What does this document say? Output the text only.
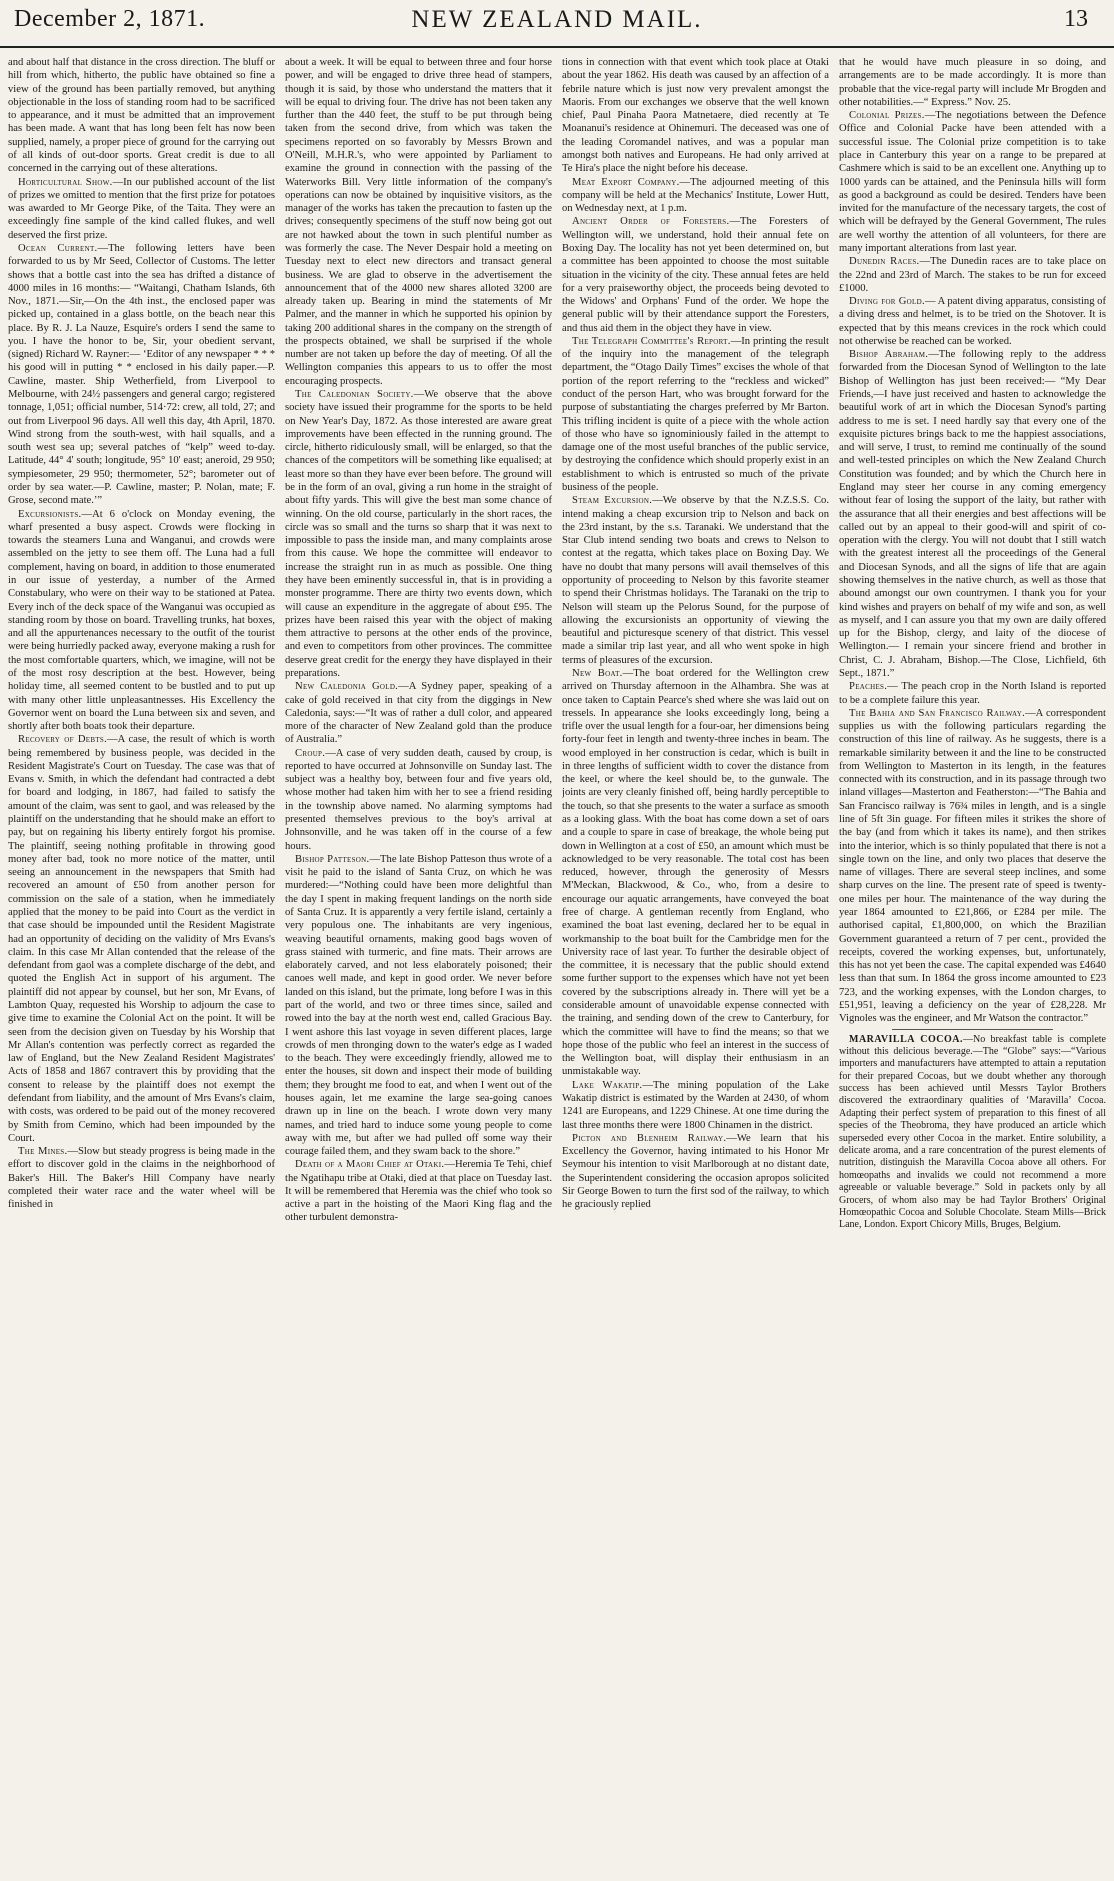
December 2, 1871.	NEW ZEALAND MAIL.	13

and about half that distance in the cross direction. The bluff or hill from which, hitherto, the public have obtained so fine a view of the ground has been partially removed, but anything objectionable in the loss of standing room had to be sacrificed to appearance, and it must be admitted that an improvement has been made. A want that has long been felt has now been supplied, namely, a proper piece of ground for the carrying out of all kinds of out-door sports. Great credit is due to all concerned in the carrying out of these alterations.

Horticultural Show.—In our published account of the list of prizes we omitted to mention that the first prize for potatoes was awarded to Mr George Pike, of the Taita. They were an exceedingly fine sample of the kind called flukes, and well deserved the first prize.

Ocean Current.—The following letters have been forwarded to us by Mr Seed, Collector of Customs. The letter shows that a bottle cast into the sea has drifted a distance of 4000 miles in 16 months:— “Waitangi, Chatham Islands, 6th Nov., 1871.—Sir,—On the 4th inst., the enclosed paper was picked up, contained in a glass bottle, on the beach near this place. By R. J. La Nauze, Esquire's orders I send the same to you. I have the honor to be, Sir, your obedient servant, (signed) Richard W. Rayner:— ‘Editor of any newspaper * * * his good will in putting * * enclosed in his daily paper.—P. Cawline, master. Ship Wetherfield, from Liverpool to Melbourne, with 24½ passengers and general cargo; registered tonnage, 1,051; official number, 514·72: crew, all told, 27; and out from Liverpool 96 days. All well this day, 4th April, 1870. Wind strong from the south-west, with hail squalls, and a south west sea up; several patches of “kelp” weed to-day. Latitude, 44° 4' south; longitude, 95° 10' east; aneroid, 29 950; sympiesometer, 29 950; thermometer, 52°; barometer out of order by sea water.—P. Cawline, master; P. Nolan, mate; F. Grose, second mate.’”

Excursionists.—At 6 o'clock on Monday evening, the wharf presented a busy aspect. Crowds were flocking in towards the steamers Luna and Wanganui, and crowds were assembled on the jetty to see them off. The Luna had a full complement, having on board, in addition to those enumerated in our issue of yesterday, a number of the Armed Constabulary, who were on their way to be stationed at Patea. Every inch of the deck space of the Wanganui was occupied as standing room by those on board. Travelling trunks, hat boxes, and all the appurtenances necessary to the outfit of the tourist were being hurriedly packed away, everyone making a rush for the most comfortable quarters, which, we imagine, will not be of the most rosy description at the best. However, being holiday time, all seemed content to be bustled and to put up with many other little unpleasantnesses. His Excellency the Governor went on board the Luna between six and seven, and shortly after both boats took their departure.

Recovery of Debts.—A case, the result of which is worth being remembered by business people, was decided in the Resident Magistrate's Court on Tuesday. The case was that of Evans v. Smith, in which the defendant had contracted a debt for board and lodging, in 1867, had failed to satisfy the amount of the claim, was sent to gaol, and was released by the plaintiff on the understanding that he should make an effort to pay, but on regaining his liberty entirely forgot his promise. The plaintiff, seeing nothing profitable in throwing good money after bad, took no more notice of the matter, until seeing an announcement in the newspapers that Smith had recovered an amount of £50 from another person for commission on the sale of a station, when he immediately applied that the money to be paid into Court as the verdict in that case should be impounded until the Resident Magistrate had an opportunity of deciding on the validity of Mrs Evans's claim. In this case Mr Allan contended that the release of the defendant from gaol was a complete discharge of the debt, and quoted the English Act in support of his argument. The plaintiff did not appear by counsel, but her son, Mr Evans, of Lambton Quay, requested his Worship to adjourn the case to give time to examine the Colonial Act on the point. It will be seen from the decision given on Tuesday by his Worship that Mr Allan's contention was perfectly correct as regarded the law of England, but the New Zealand Resident Magistrates' Acts of 1858 and 1867 contravert this by providing that the consent to release by the plaintiff does not exempt the defendant from liability, and the amount of Mrs Evans's claim, with costs, was ordered to be paid out of the money recovered by Smith from Cemino, which had been impounded by the Court.

The Mines.—Slow but steady progress is being made in the effort to discover gold in the claims in the neighborhood of Baker's Hill. The Baker's Hill Company have nearly completed their water race and the water wheel will be finished in

about a week. It will be equal to between three and four horse power, and will be engaged to drive three head of stampers, though it is said, by those who understand the matters that it will be equal to driving four. The drive has not been taken any further than the 440 feet, the stuff to be put through being taken from the second drive, from which was taken the specimens reported on so favorably by Messrs Brown and O'Neill, M.H.R.'s, who were appointed by Parliament to examine the ground in connection with the passing of the Waterworks Bill. Very little information of the company's operations can now be obtained by inquisitive visitors, as the manager of the works has taken the precaution to fasten up the drives; consequently specimens of the stuff now being got out are not hawked about the town in such plentiful number as was formerly the case. The Never Despair hold a meeting on Tuesday next to elect new directors and transact general business. We are glad to observe in the advertisement the announcement that of the 4000 new shares alloted 3200 are already taken up. Bearing in mind the statements of Mr Palmer, and the manner in which he supported his opinion by taking 200 additional shares in the company on the strength of the prospects obtained, we shall be surprised if the whole number are not taken up before the day of meeting. Of all the Wellington companies this appears to us to offer the most encouraging prospects.

The Caledonian Society.—We observe that the above society have issued their programme for the sports to be held on New Year's Day, 1872. As those interested are aware great improvements have been effected in the running ground. The circle, hitherto ridiculously small, will be enlarged, so that the chances of the competitors will be something like equalised; at least more so than they have ever been before. The ground will be in the form of an oval, giving a run home in the straight of about fifty yards. This will give the best man some chance of winning. On the old course, particularly in the short races, the circle was so small and the turns so sharp that it was next to impossible to pass the inside man, and many complaints arose from this cause. We hope the committee will endeavor to increase the straight run in as much as possible. One thing they have been eminently successful in, that is in providing a monster programme. There are thirty two events down, which will cause an expenditure in the aggregate of about £95. The prizes have been raised this year with the object of making them attractive to persons at the other ends of the province, and even to competitors from other provinces. The committee deserve great credit for the energy they have displayed in their preparations.

New Caledonia Gold.—A Sydney paper, speaking of a cake of gold received in that city from the diggings in New Caledonia, says:—“It was of rather a dull color, and appeared more of the character of New Zealand gold than the produce of Australia.”

Croup.—A case of very sudden death, caused by croup, is reported to have occurred at Johnsonville on Sunday last. The subject was a healthy boy, between four and five years old, whose mother had taken him with her to see a friend residing in the township above named. No alarming symptoms had presented themselves previous to the boy's arrival at Johnsonville, and he was taken off in the course of a few hours.

Bishop Patteson.—The late Bishop Patteson thus wrote of a visit he paid to the island of Santa Cruz, on which he was murdered:—“Nothing could have been more delightful than the day I spent in making frequent landings on the north side of Santa Cruz. It is apparently a very fertile island, certainly a very populous one. The inhabitants are very ingenious, weaving beautiful ornaments, making good bags woven of grass stained with turmeric, and fine mats. Their arrows are elaborately carved, and not less elaborately poisoned; their canoes well made, and kept in good order. We never before landed on this island, but the primate, long before I was in this part of the world, and two or three times since, sailed and rowed into the bay at the north west end, called Gracious Bay. I went ashore this last voyage in seven different places, large crowds of men thronging down to the water's edge as I waded to the beach. They were exceedingly friendly, allowed me to enter the houses, sit down and inspect their mode of building them; they brought me food to eat, and when I went out of the houses again, let me examine the large sea-going canoes drawn up in line on the beach. I wrote down very many names, and tried hard to induce some young people to come away with me, but after we had pulled off some way their courage failed them, and they swam back to the shore.”

Death of a Maori Chief at Otaki.—Heremia Te Tehi, chief the Ngatihapu tribe at Otaki, died at that place on Tuesday last. It will be remembered that Heremia was the chief who took so active a part in the hoisting of the Maori King flag and the other turbulent demonstra-

tions in connection with that event which took place at Otaki about the year 1862. His death was caused by an affection of a febrile nature which is just now very prevalent amongst the Maoris. From our exchanges we observe that the well known chief, Paul Pinaha Paora Matnetaere, died recently at Te Moananui's residence at Ohinemuri. The deceased was one of the leading Coromandel natives, and was a popular man amongst both natives and Europeans. He had only arrived at Te Hira's place the night before his decease.

Meat Export Company.—The adjourned meeting of this company will be held at the Mechanics' Institute, Lower Hutt, on Wednesday next, at 1 p.m.

Ancient Order of Foresters.—The Foresters of Wellington will, we understand, hold their annual fete on Boxing Day. The locality has not yet been determined on, but a committee has been appointed to choose the most suitable situation in the vicinity of the city. These annual fetes are held for a very praiseworthy object, the proceeds being devoted to the Widows' and Orphans' Fund of the order. We hope the general public will by their attendance support the Foresters, and thus aid them in the object they have in view.

The Telegraph Committee's Report.—In printing the result of the inquiry into the management of the telegraph department, the “Otago Daily Times” excises the whole of that portion of the report referring to the “reckless and wicked” conduct of the person Hart, who was brought forward for the purpose of substantiating the charges preferred by Mr Barton. This trifling incident is quite of a piece with the whole action of those who have so ignominiously failed in the attempt to damage one of the most useful branches of the public service, by destroying the confidence which should properly exist in an establishment to which is entrusted so much of the private business of the people.

Steam Excursion.—We observe by that the N.Z.S.S. Co. intend making a cheap excursion trip to Nelson and back on the 23rd instant, by the s.s. Taranaki. We understand that the Star Club intend sending two boats and crews to Nelson to contest at the regatta, which takes place on Boxing Day. We have no doubt that many persons will avail themselves of this opportunity of proceeding to Nelson by this favorite steamer to spend their Christmas holidays. The Taranaki on the trip to Nelson will steam up the Pelorus Sound, for the purpose of allowing the excursionists an opportunity of viewing the beautiful and picturesque scenery of that district. This vessel made a similar trip last year, and all who went spoke in high terms of pleasures of the excursion.

New Boat.—The boat ordered for the Wellington crew arrived on Thursday afternoon in the Alhambra. She was at once taken to Captain Pearce's shed where she was laid out on tressels. In appearance she looks exceedingly long, being a trifle over the usual length for a four-oar, her dimensions being forty-four feet in length and twenty-three inches in beam. The wood employed in her construction is cedar, which is built in in three lengths of sufficient width to cover the distance from the keel, or where the keel should be, to the gunwale. The joints are very cleanly finished off, being hardly perceptible to the touch, so that she presents to the water a surface as smooth as a looking glass. With the boat has come down a set of oars and a couple to spare in case of breakage, the whole being put down in Wellington at a cost of £50, an amount which must be acknowledged to be very reasonable. The total cost has been reduced, however, through the generosity of Messrs M'Meckan, Blackwood, & Co., who, from a desire to encourage our aquatic arrangements, have conveyed the boat free of charge. A gentleman recently from England, who examined the boat last evening, declared her to be equal in workmanship to the boat built for the Cambridge men for the University race of last year. To further the desirable object of the committee, it is necessary that the public should extend some further support to the expenses which have not yet been covered by the subscriptions already in. There will yet be a considerable amount of unavoidable expense connected with the training, and sending down of the crew to Canterbury, for which the committee will have to find the means; so that we hope those of the public who feel an interest in the success of the Wellington boat, will display their enthusiasm in an unmistakable way.

Lake Wakatip.—The mining population of the Lake Wakatip district is estimated by the Warden at 2430, of whom 1241 are Europeans, and 1229 Chinese. At one time during the last three months there were 1800 Chinamen in the district.

Picton and Blenheim Railway.—We learn that his Excellency the Governor, having intimated to his Honor Mr Seymour his intention to visit Marlborough at no distant date, the Superintendent considering the occasion apropos solicited Sir George Bowen to turn the first sod of the railway, to which he graciously replied

that he would have much pleasure in so doing, and arrangements are to be made accordingly. It is more than probable that the vice-regal party will include Mr Brogden and other notabilities.—“ Express.” Nov. 25.

Colonial Prizes.—The negotiations between the Defence Office and Colonial Packe have been attended with a successful issue. The Colonial prize competition is to take place in Canterbury this year on a range to be prepared at Cashmere which is said to be an excellent one. Anything up to 1000 yards can be attained, and the Peninsula hills will form as good a background as could be desired. Tenders have been invited for the manufacture of the necessary targets, the cost of which will be defrayed by the General Government, The rules are well worthy the attention of all volunteers, for there are many important alterations from last year.

Dunedin Races.—The Dunedin races are to take place on the 22nd and 23rd of March. The stakes to be run for exceed £1000.

Diving for Gold.— A patent diving apparatus, consisting of a diving dress and helmet, is to be tried on the Shotover. It is expected that by this means crevices in the rock which could not otherwise be reached can be worked.

Bishop Abraham.—The following reply to the address forwarded from the Diocesan Synod of Wellington to the late Bishop of Wellington has just been received:— “My Dear Friends,—I have just received and hasten to acknowledge the beautiful work of art in which the Diocesan Synod's parting address to me is set. I need hardly say that every one of the exquisite pictures brings back to me the happiest associations, and will serve, I trust, to remind me continually of the sound and well-tested principles on which the New Zealand Church Constitution was founded; and by which the Church here in England may steer her course in any coming emergency without fear of losing the support of the laity, but rather with the assurance that all their energies and best affections will be called out by an appeal to their good-will and spirit of co-operation with the clergy. You will not doubt that I still watch with the greatest interest all the proceedings of the General and Diocesan Synods, and all the signs of life that are again showing themselves in the native church, as well as those that abound amongst our own countrymen. I thank you for your kind wishes and prayers on behalf of my wife and son, as well as myself, and I can assure you that my own are daily offered up for the Bishop, clergy, and laity of the diocese of Wellington.— I remain your sincere friend and brother in Christ, C. J. Abraham, Bishop.—The Close, Lichfield, 6th Sept., 1871.”

Peaches.— The peach crop in the North Island is reported to be a complete failure this year.

The Bahia and San Francisco Railway.—A correspondent supplies us with the following particulars regarding the construction of this line of railway. As he suggests, there is a remarkable similarity between it and the line to be constructed from Wellington to Masterton in its length, in the features connected with its construction, and in its passage through two inland villages—Masterton and Featherston:—“The Bahia and San Francisco railway is 76¾ miles in length, and is a single line of 5ft 3in guage. For fifteen miles it strikes the shore of the bay (and from which it takes its name), and then strikes into the interior, which is so thinly populated that there is not a single town on the line, and only two places that deserve the name of villages. There are several steep inclines, and some sharp curves on the line. The present rate of speed is twenty-one miles per hour. The maintenance of the way during the year 1864 amounted to £21,866, or £284 per mile. The authorised capital, £1,800,000, on which the Brazilian Government guaranteed a return of 7 per cent., provided the receipts, covered the working expenses, but, unfortunately, this has not yet been the case. The capital expended was £4640 less than that sum. In 1864 the gross income amounted to £23 723, and the working expenses, with the London charges, to £51,951, leaving a deficiency on the year of £28,228. Mr Vignoles was the engineer, and Mr Watson the contractor.”

MARAVILLA COCOA.—No breakfast table is complete without this delicious beverage.—The “Globe” says:—“Various importers and manufacturers have attempted to attain a reputation for their prepared Cocoas, but we doubt whether any thorough success has been achieved until Messrs Taylor Brothers discovered the extraordinary qualities of ‘Maravilla’ Cocoa. Adapting their perfect system of preparation to this finest of all species of the Theobroma, they have produced an article which superseded every other Cocoa in the market. Entire solubility, a delicate aroma, and a rare concentration of the purest elements of nutrition, distinguish the Maravilla Cocoa above all others. For homœopaths and invalids we could not recommend a more agreeable or valuable beverage.” Sold in packets only by all Grocers, of whom also may be had Taylor Brothers' Original Homœopathic Cocoa and Soluble Chocolate. Steam Mills—Brick Lane, London. Export Chicory Mills, Bruges, Belgium.
